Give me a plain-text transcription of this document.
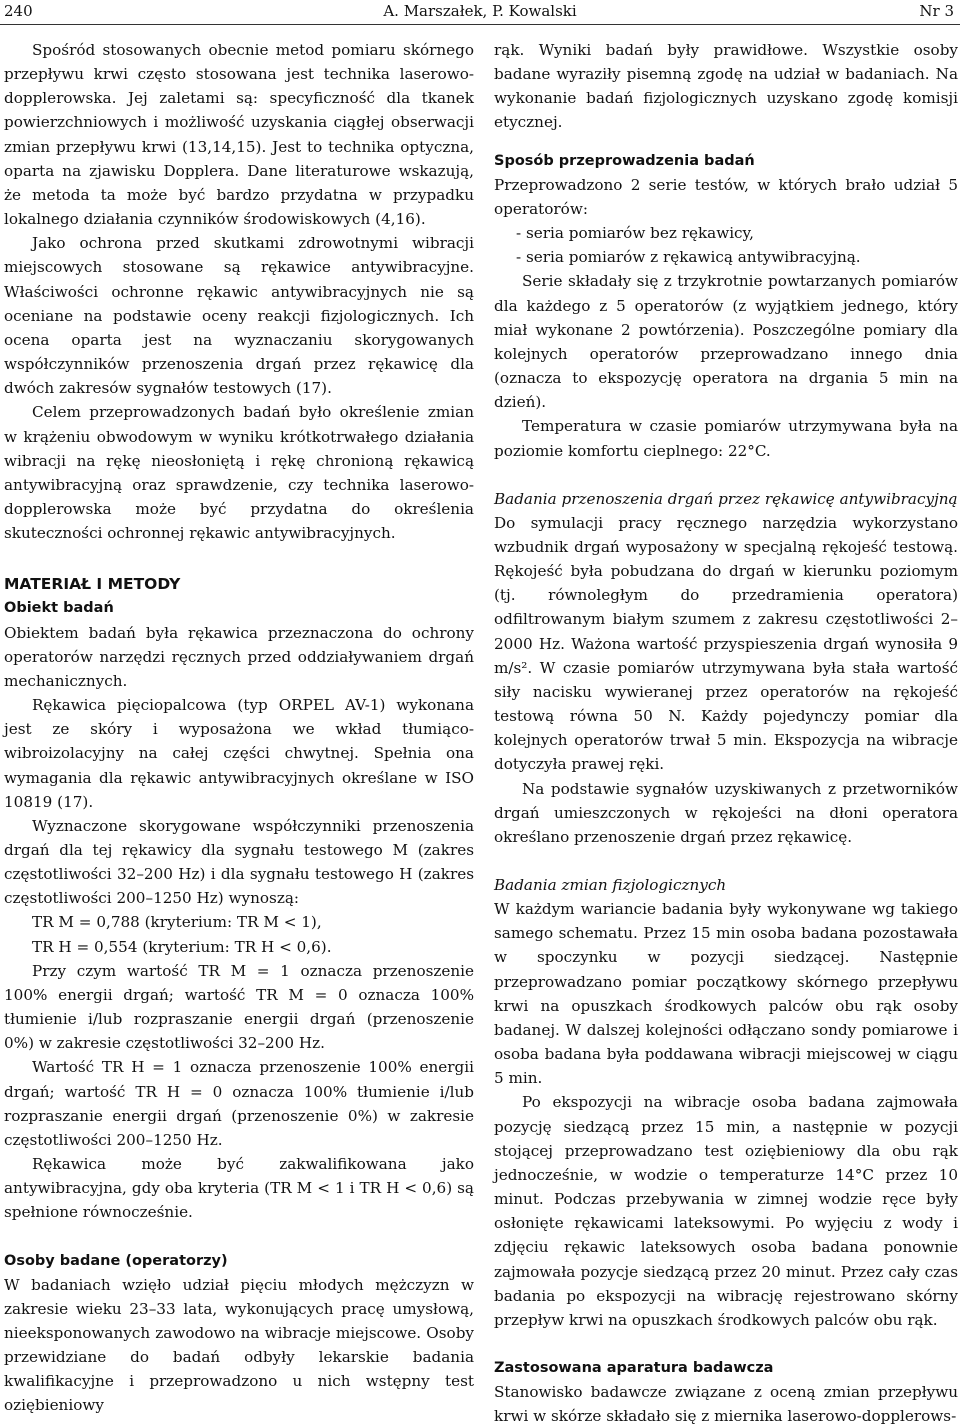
A. Marszałek, P. Kowalski
240	Nr 3

Spośród stosowanych obecnie metod pomiaru skórnego przepływu krwi często stosowana jest technika laserowo-dopplerowska. Jej zaletami są: specyficzność dla tkanek powierzchniowych i możliwość uzyskania ciągłej obserwacji zmian przepływu krwi (13,14,15). Jest to technika optyczna, oparta na zjawisku Dopplera. Dane literaturowe wskazują, że metoda ta może być bardzo przydatna w przypadku lokalnego działania czynników środowiskowych (4,16).

Jako ochrona przed skutkami zdrowotnymi wibracji miejscowych stosowane są rękawice antywibracyjne. Właściwości ochronne rękawic antywibracyjnych nie są oceniane na podstawie oceny reakcji fizjologicznych. Ich ocena oparta jest na wyznaczaniu skorygowanych współczynników przenoszenia drgań przez rękawicę dla dwóch zakresów sygnałów testowych (17).

Celem przeprowadzonych badań było określenie zmian w krążeniu obwodowym w wyniku krótkotrwałego działania wibracji na rękę nieosłoniętą i rękę chronioną rękawicą antywibracyjną oraz sprawdzenie, czy technika laserowo-dopplerowska może być przydatna do określenia skuteczności ochronnej rękawic antywibracyjnych.

MATERIAŁ I METODY

Obiekt badań

Obiektem badań była rękawica przeznaczona do ochrony operatorów narzędzi ręcznych przed oddziaływaniem drgań mechanicznych.

Rękawica pięciopalcowa (typ ORPEL AV-1) wykonana jest ze skóry i wyposażona we wkład tłumiąco-wibroizolacyjny na całej części chwytnej. Spełnia ona wymagania dla rękawic antywibracyjnych określane w ISO 10819 (17).

Wyznaczone skorygowane współczynniki przenoszenia drgań dla tej rękawicy dla sygnału testowego M (zakres częstotliwości 32–200 Hz) i dla sygnału testowego H (zakres częstotliwości 200–1250 Hz) wynoszą:

TR M = 0,788 (kryterium: TR M < 1),

TR H = 0,554 (kryterium: TR H < 0,6).

Przy czym wartość TR M = 1 oznacza przenoszenie 100% energii drgań; wartość TR M = 0 oznacza 100% tłumienie i/lub rozpraszanie energii drgań (przenoszenie 0%) w zakresie częstotliwości 32–200 Hz.

Wartość TR H = 1 oznacza przenoszenie 100% energii drgań; wartość TR H = 0 oznacza 100% tłumienie i/lub rozpraszanie energii drgań (przenoszenie 0%) w zakresie częstotliwości 200–1250 Hz.

Rękawica może być zakwalifikowana jako antywibracyjna, gdy oba kryteria (TR M < 1 i TR H < 0,6) są spełnione równocześnie.

Osoby badane (operatorzy)

W badaniach wzięło udział pięciu młodych mężczyzn w zakresie wieku 23–33 lata, wykonujących pracę umysłową, nieeksponowanych zawodowo na wibracje miejscowe. Osoby przewidziane do badań odbyły lekarskie badania kwalifikacyjne i przeprowadzono u nich wstępny test oziębieniowy

rąk. Wyniki badań były prawidłowe. Wszystkie osoby badane wyraziły pisemną zgodę na udział w badaniach. Na wykonanie badań fizjologicznych uzyskano zgodę komisji etycznej.

Sposób przeprowadzenia badań

Przeprowadzono 2 serie testów, w których brało udział 5 operatorów:

- seria pomiarów bez rękawicy,

- seria pomiarów z rękawicą antywibracyjną.

Serie składały się z trzykrotnie powtarzanych pomiarów dla każdego z 5 operatorów (z wyjątkiem jednego, który miał wykonane 2 powtórzenia). Poszczególne pomiary dla kolejnych operatorów przeprowadzano innego dnia (oznacza to ekspozycję operatora na drgania 5 min na dzień).

Temperatura w czasie pomiarów utrzymywana była na poziomie komfortu cieplnego: 22°C.

Badania przenoszenia drgań przez rękawicę antywibracyjną

Do symulacji pracy ręcznego narzędzia wykorzystano wzbudnik drgań wyposażony w specjalną rękojeść testową. Rękojeść była pobudzana do drgań w kierunku poziomym (tj. równoległym do przedramienia operatora) odfiltrowanym białym szumem z zakresu częstotliwości 2–2000 Hz. Ważona wartość przyspieszenia drgań wynosiła 9 m/s². W czasie pomiarów utrzymywana była stała wartość siły nacisku wywieranej przez operatorów na rękojeść testową równa 50 N. Każdy pojedynczy pomiar dla kolejnych operatorów trwał 5 min. Ekspozycja na wibracje dotyczyła prawej ręki.

Na podstawie sygnałów uzyskiwanych z przetworników drgań umieszczonych w rękojeści na dłoni operatora określano przenoszenie drgań przez rękawicę.

Badania zmian fizjologicznych

W każdym wariancie badania były wykonywane wg takiego samego schematu. Przez 15 min osoba badana pozostawała w spoczynku w pozycji siedzącej. Następnie przeprowadzano pomiar początkowy skórnego przepływu krwi na opuszkach środkowych palców obu rąk osoby badanej. W dalszej kolejności odłączano sondy pomiarowe i osoba badana była poddawana wibracji miejscowej w ciągu 5 min.

Po ekspozycji na wibracje osoba badana zajmowała pozycję siedzącą przez 15 min, a następnie w pozycji stojącej przeprowadzano test oziębieniowy dla obu rąk jednocześnie, w wodzie o temperaturze 14°C przez 10 minut. Podczas przebywania w zimnej wodzie ręce były osłonięte rękawicami lateksowymi. Po wyjęciu z wody i zdjęciu rękawic lateksowych osoba badana ponownie zajmowała pozycje siedzącą przez 20 minut. Przez cały czas badania po ekspozycji na wibrację rejestrowano skórny przepływ krwi na opuszkach środkowych palców obu rąk.

Zastosowana aparatura badawcza

Stanowisko badawcze związane z oceną zmian przepływu krwi w skórze składało się z miernika laserowo-dopplerows-
